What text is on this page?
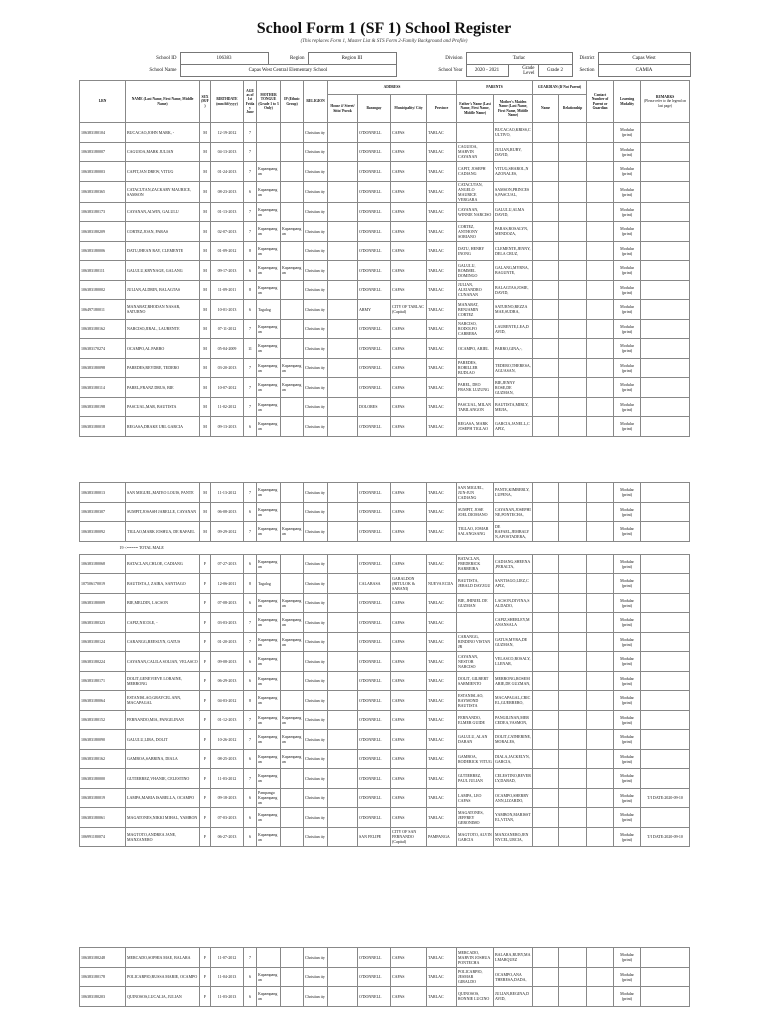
School Form 1 (SF 1) School Register
(This replaces Form 1, Master List & STS Form 2-Family Background and Profile)
School ID	106383	Region	Region III	Division	Tarlac			District	Capas West
School Name	Capas West Central Elementary School			School Year	2020 - 2021	Grade Level	Grade 2	Section	CAMIA
LRN	NAME (Last Name, First Name, Middle Name)	SEX (M/F)	BIRTHDATE (mm/dd/yyyy)	AGE as of 1st Friday June	MOTHER TONGUE (Grade 1 to 3 Only)	IP (Ethnic Group)	RELIGION	ADDRESS				PARENTS		GUARDIAN (If Not Parent)		Contact Number of Parent or Guardian	Learning Modality	REMARKS
(Please refer to the legend on last page)
								House #/ Street/ Sitio/ Purok	Barangay	Municipality/ City	Province	Father's Name (Last Name, First Name, Middle Name)	Mother's Maiden Name (Last Name, First Name, Middle Name)	Name	Relationship			
106383180104	BUCACAO,JOHN MARK, -	M	12-19-2012	7			Christian ity		O'DONNELL	CAPAS	TARLAC		BUCACAO,KRISS,CULTIVO,				Modular (print)	
106383180007	CAGUIOA,MARK JULIAN	M	04-13-2013	7			Christian ity		O'DONNELL	CAPAS	TARLAC	CAGUIOA, MARVIN CAYANAN	JULIAN,RUBY, DAVID,				Modular (print)	
106383180003	CAPIT,JAN DREW, VITUG	M	01-24-2013	7	Kapampangan		Christian ity		O'DONNELL	CAPAS	TARLAC	CAPIT, JOSEPH CADIANG	VITUG,SHAROL,NAZONALES,				Modular (print)	
106383180365	CATACUTAN,ZACKARY MAURICE, SAMSON	M	08-23-2013	6	Kapampangan		Christian ity		O'DONNELL	CAPAS	TARLAC	CATACUTAN, ANGELO MAURICE VERGARA	SAMSON,PRINCESS,PASCUAL,				Modular (print)	
106383180173	CAYANAN,ALWIN, GALULU	M	01-13-2013	7	Kapampangan		Christian ity		O'DONNELL	CAPAS	TARLAC	CAYANAN, WINNIE NARCISO	GALULU,ALMA DAVID,				Modular (print)	
106383180209	CORTEZ,JOAN, PARAS	M	02-07-2013	7	Kapampangan	Kapampangan	Christian ity		O'DONNELL	CAPAS	TARLAC	CORTEZ, ANTHONY SORIANO	PARAS,ROSALYN,MENDOZA,				Modular (print)	
106383180006	DATU,JHEAN RAY, CLEMENTE	M	01-09-2012	8	Kapampangan		Christian ity		O'DONNELL	CAPAS	TARLAC	DATU, HENRY INONG	CLEMENTE,JENNY,DELA CRUZ,				Modular (print)	
106383180111	GALULU,KRYNAGE, GALANG	M	09-17-2013	6	Kapampangan	Kapampangan	Christian ity		O'DONNELL	CAPAS	TARLAC	GALULU, ROMMEL DOMINGO	GALANG,MYRNA,BAGUNTE,				Modular (print)	
106383180002	JULIAN,ALDRIN, BALAGTAS	M	11-09-2011	8	Kapampangan		Christian ity		O'DONNELL	CAPAS	TARLAC	JULIAN, ALEJANDRO CUNANAN	BALAGTAS,JOSIE,DAVID,				Modular (print)	
106497180011	MANABAT,RHODAN NASAR, SATURNO	M	10-01-2013	6	Tagalog		Christian ity		ARMY	CITY OF TARLAC (Capital)	TARLAC	MANABAT, BENJAMIN CORTEZ	SATURNO,REZZA MAE,SUDRA,				Modular (print)	
106383180162	NARCISO,JIRAL, LAURENTE	M	07-11-2012	7	Kapampangan		Christian ity		O'DONNELL	CAPAS	TARLAC	NARCISO, RODOLFO CABRERA	LAURENTE,LEA,DAVID,				Modular (print)	
106383170274	OCAMPO,AL PARRO	M	05-04-2009	11	Kapampangan		Christian ity		O'DONNELL	CAPAS	TARLAC	OCAMPO, ARIEL	PARRO,GINA,-,				Modular (print)	
106383180098	PAREDES,REVDRE, TEDERO	M	03-20-2013	7	Kapampangan	Kapampangan	Christian ity		O'DONNELL	CAPAS	TARLAC	PAREDES, ROBILLER BUDLAO	TEDERO,THERESA,AGUASAN,				Modular (print)	
106383180114	PAREL,FRANZ DRUS, BIE	M	10-07-2012	7	Kapampangan	Kapampangan	Christian ity		O'DONNELL	CAPAS	TARLAC	PAREL, DEO FRANK LUZUNG	BIE,JENNY ROSE,DE GUZMAN,				Modular (print)	
106383180198	PASCUAL,MAR, BAUTISTA	M	11-02-2012	7	Kapampangan		Christian ity		DOLORES	CAPAS	TARLAC	PASCUAL, MILAN TABILANGON	BAUTISTA,MIRLY,MEJIA,				Modular (print)	
106383180018	REGASA,DRAKE URL GARCIA	M	09-13-2013	6	Kapampangan		Christian ity		O'DONNELL	CAPAS	TARLAC	REGASA, MARK JOSEPH TIGLAO	GARCIA,JANELL,CAPIZ,				Modular (print)	
106383180013	SAN MIGUEL,MATEO LOUIS, PANTE	M	11-13-2012	7	Kapampangan		Christian ity		O'DONNELL	CAPAS	TARLAC	SAN MIGUEL, JUN-JUN CADIANG	PANTE,KIMBERLY,LUPENA,				Modular (print)	
106383180307	SUMPIT,JOSASH JARELLE, CAYANAN	M	06-08-2013	6	Kapampangan		Christian ity		O'DONNELL	CAPAS	TARLAC	SUMPIT, JOSE JOEL DIOMANO	CAYANAN,JOSEPHINE,PONTECHA,				Modular (print)	
106383180092	TIGLAO,MARK JOSHUA, DE RAFAEL	M	09-29-2012	7	Kapampangan	Kapampangan	Christian ity		O'DONNELL	CAPAS	TARLAC	TIGLAO, JOMAR SALANGSANG	DE RAFAEL,JEMBALYN,APOSTADERA,				Modular (print)	
19 <===== TOTAL MALE																		
106383180068	BATACLAN,CHLOE, CADIANG	F	07-27-2013	6	Kapampangan		Christian ity		O'DONNELL	CAPAS	TARLAC	BATACLAN, FREDERICK BARREIRA	CADIANG,SHEENA,PERALTA,				Modular (print)	
107506170019	BAUTISTA,J, ZAIRA, SANTIAGO	F	12-06-2011	8	Tagalog		Christian ity		CALABASA	GABALDON (BITULOK & SABANI)	NUEVA ECIJA	BAUTISTA, JERALD DAYZGU	SANTIAGO,LIEZ,CAPIZ,				Modular (print)	
106383180009	BIE,MELDIN, LACSON	F	07-08-2013	6	Kapampangan	Kapampangan	Christian ity		O'DONNELL	CAPAS	TARLAC	BIE, JHINIEL DE GUZMAN	LACSON,DIVINA,SALDADO,				Modular (print)	
106383180323	CAPIZ,NICOLE, -	F	03-03-2013	7	Kapampangan	Kapampangan	Christian ity		O'DONNELL	CAPAS	TARLAC		CAPIZ,SHERLEY,MANANSALA				Modular (print)	
106383180124	CARANGG,REESLYN, GATUS	F	01-20-2013	7	Kapampangan	Kapampangan	Christian ity		O'DONNELL	CAPAS	TARLAC	CARANGG, RINDINO VISTAN JR	GATUS,MYRA,DE GUZMAN,				Modular (print)	
106383180224	CAYANAN,CALILA SOLIAN, VELASCO	F	09-08-2013	6	Kapampangan		Christian ity		O'DONNELL	CAPAS	TARLAC	CAYANAN, NESTOR NARCISO	VELASCO,ROSALY,LLENAR,				Modular (print)	
106383180171	DOLIT,GENEVIEVE LORAINE, MERRONG	F	06-29-2013	6	Kapampangan		Christian ity		O'DONNELL	CAPAS	TARLAC	DOLIT, GILBERT SARMIENTO	MERRONG,ROSEMARIE,DE GUZMAN,				Modular (print)	
106383180064	ESTANISLAO,GRAYCEL ANN, MACAPAGAL	F	04-03-2012	8	Kapampangan		Christian ity		O'DONNELL	CAPAS	TARLAC	ESTANISLAO, RAYMOND BAUTISTA	MACAPAGAL,CRICEL,GUERRERO,				Modular (print)	
106383180152	FERNANDO,MIA, PANGILINAN	F	01-12-2013	7	Kapampangan	Kapampangan	Christian ity		O'DONNELL	CAPAS	TARLAC	FERNANDO, ELMER GUIDE	PANGILINAN,MERCEDEA,VASMON,				Modular (print)	
106383180090	GALULU,LIRA, DOLIT	F	10-26-2012	7	Kapampangan	Kapampangan	Christian ity		O'DONNELL	CAPAS	TARLAC	GALULU, ALAN DABAN	DOLIT,CATHERINE,MORALES,				Modular (print)	
106383180162	GAMBOA,SABRINA, DIALA	F	08-25-2013	6	Kapampangan	Kapampangan	Christian ity		O'DONNELL	CAPAS	TARLAC	GAMBOA, RODERICK VITUG	DIALA,JACKELYN,GARCIA,				Modular (print)	
106383180000	GUTIERREZ,VHANIE, CELESTINO	F	11-03-2012	7	Kapampangan		Christian ity		O'DONNELL	CAPAS	TARLAC	GUTIERREZ, PAUL JULIAN	CELESTINO,BEVERLY,DABAD,				Modular (print)	
106383180019	LAMPA,MARIA ISABELLA, OCAMPO	F	09-18-2013	6	Pampango Kapampangan		Christian ity		O'DONNELL	CAPAS	TARLAC	LAMPA, LEO CAPAS	OCAMPO,SHERRY ANN,LIZARDO,				Modular (print)	T/I DATE:2020-09-10
106383180061	MAGATONES,NIKKI MIHAL, YAMBON	F	07-03-2013	6	Kapampangan		Christian ity		O'DONNELL	CAPAS	TARLAC	MAGATONES, JEFFREY GERONIMO	YAMBON,MARISSTEL,VITAN,				Modular (print)	
106991180074	MAGTOTO,ANDREA JANE, MANZANERO	F	06-27-2013	6	Kapampangan		Christian ity		SAN FELIPE	CITY OF SAN FERNANDO (Capital)	PAMPANGA	MAGTOTO, ALVIN GARCIA	MANZANERO,JENNYCEL,URCIA,				Modular (print)	T/I DATE:2020-09-10
106383180248	MERCADO,SOPHIA MAE, BALARA	F	11-07-2012	7			Christian ity		O'DONNELL	CAPAS	TARLAC	MERCADO, MARVIN JOSHUA PONTECHA	BALARA,RUBY,MALMARQUEZ				Modular (print)	
106383180178	POLICARPIO,RUSSA MARIE, OCAMPO	F	11-04-2013	6	Kapampangan		Christian ity		O'DONNELL	CAPAS	TARLAC	POLICARPIO, JESMAR GIRALDO	OCAMPO,ANA THERESA,DADA,				Modular (print)	
106383180203	QUINOSOS,LUCALIA, JULIAN	F	11-03-2013	6	Kapampangan		Christian ity		O'DONNELL	CAPAS	TARLAC	QUINOSOS, RONNIE LUCINO	JULIAN,REGINA,DAVID,				Modular (print)	
